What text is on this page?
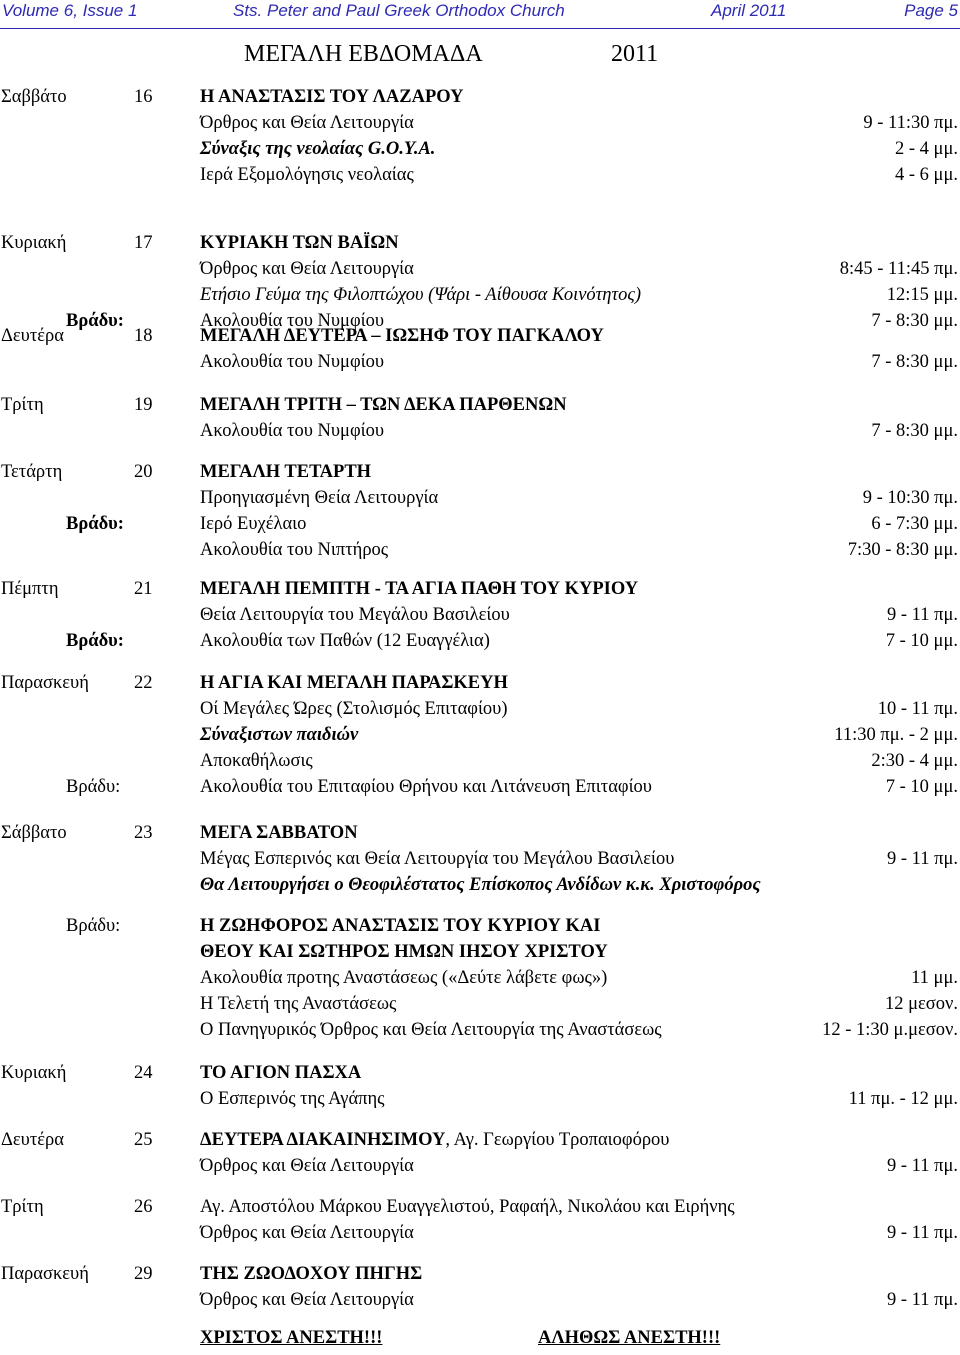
Volume 6, Issue 1	Sts. Peter and Paul Greek Orthodox Church	April 2011	Page 5
ΜΕΓΑΛΗ ΕΒΔΟΜΑΔΑ	2011
Σαββάτο	16	Η ΑΝΑΣΤΑΣΙΣ ΤΟΥ ΛΑΖΑΡΟΥ
Όρθρος και Θεία Λειτουργία	9 - 11:30 πμ.
Σύναξις της νεολαίας G.O.Y.A.	2 - 4 μμ.
Ιερά Εξομολόγησις νεολαίας	4 - 6 μμ.
Κυριακή	17	ΚΥΡΙΑΚΗ ΤΩΝ ΒΑΪΩΝ
Όρθρος και Θεία Λειτουργία	8:45 - 11:45 πμ.
Ετήσιο Γεύμα της Φιλοπτώχου (Ψάρι - Αίθουσα Κοινότητος)	12:15 μμ.
Βράδυ:	Ακολουθία του Νυμφίου	7 - 8:30 μμ.
Δευτέρα	18	ΜΕΓΑΛΗ ΔΕΥΤΕΡΑ – ΙΩΣΗΦ ΤΟΥ ΠΑΓΚΑΛΟΥ
Ακολουθία του Νυμφίου	7 - 8:30 μμ.
Τρίτη	19	ΜΕΓΑΛΗ ΤΡΙΤΗ – ΤΩΝ ΔΕΚΑ ΠΑΡΘΕΝΩΝ
Ακολουθία του Νυμφίου	7 - 8:30 μμ.
Τετάρτη	20	ΜΕΓΑΛΗ ΤΕΤΑΡΤΗ
Προηγιασμένη Θεία Λειτουργία	9 - 10:30 πμ.
Βράδυ:	Ιερό Ευχέλαιο	6 - 7:30 μμ.
Ακολουθία του Νιπτήρος	7:30 - 8:30 μμ.
Πέμπτη	21	ΜΕΓΑΛΗ ΠΕΜΠΤΗ - ΤΑ ΑΓΙΑ ΠΑΘΗ ΤΟΥ ΚΥΡΙΟΥ
Θεία Λειτουργία του Μεγάλου Βασιλείου	9 - 11 πμ.
Βράδυ:	Ακολουθία των Παθών (12 Ευαγγέλια)	7 - 10 μμ.
Παρασκευή 22	Η ΑΓΙΑ ΚΑΙ ΜΕΓΑΛΗ ΠΑΡΑΣΚΕΥΗ
Οί Μεγάλες Ώρες (Στολισμός Επιταφίου)	10 - 11 πμ.
Σύναξιστων παιδιών	11:30 πμ. - 2 μμ.
Αποκαθήλωσις	2:30 - 4 μμ.
Βράδυ:	Ακολουθία του Επιταφίου Θρήνου και Λιτάνευση Επιταφίου	7 - 10 μμ.
Σάββατο	23	ΜΕΓΑ ΣΑΒΒΑΤΟΝ
Μέγας Εσπερινός και Θεία Λειτουργία του Μεγάλου Βασιλείου	9 - 11 πμ.
Θα Λειτουργήσει ο Θεοφιλέστατος Επίσκοπος Ανδίδων κ.κ. Χριστοφόρος
Βράδυ:	Η ΖΩΗΦΟΡΟΣ ΑΝΑΣΤΑΣΙΣ ΤΟΥ ΚΥΡΙΟΥ ΚΑΙ
ΘΕΟΥ ΚΑΙ ΣΩΤΗΡΟΣ ΗΜΩΝ ΙΗΣΟΥ ΧΡΙΣΤΟΥ
Ακολουθία προτης Αναστάσεως («Δεύτε λάβετε φως»)	11 μμ.
Η Τελετή της Αναστάσεως	12 μεσον.
Ο Πανηγυρικός Όρθρος και Θεία Λειτουργία της Αναστάσεως	12 - 1:30 μ.μεσον.
Κυριακή	24	ΤΟ ΑΓΙΟΝ ΠΑΣΧΑ
Ο Εσπερινός της Αγάπης	11 πμ. - 12 μμ.
Δευτέρα	25	ΔΕΥΤΕΡΑ ΔΙΑΚΑΙΝΗΣΙΜΟΥ, Αγ. Γεωργίου Τροπαιοφόρου
Όρθρος και Θεία Λειτουργία	9 - 11 πμ.
Τρίτη	26	Αγ. Αποστόλου Μάρκου Ευαγγελιστού, Ραφαήλ, Νικολάου και Ειρήνης
Όρθρος και Θεία Λειτουργία	9 - 11 πμ.
Παρασκευή 29	ΤΗΣ ΖΩΟΔΟΧΟΥ ΠΗΓΗΣ
Όρθρος και Θεία Λειτουργία	9 - 11 πμ.
ΧΡΙΣΤΟΣ ΑΝΕΣΤΗ!!!	ΑΛΗΘΩΣ ΑΝΕΣΤΗ!!!
